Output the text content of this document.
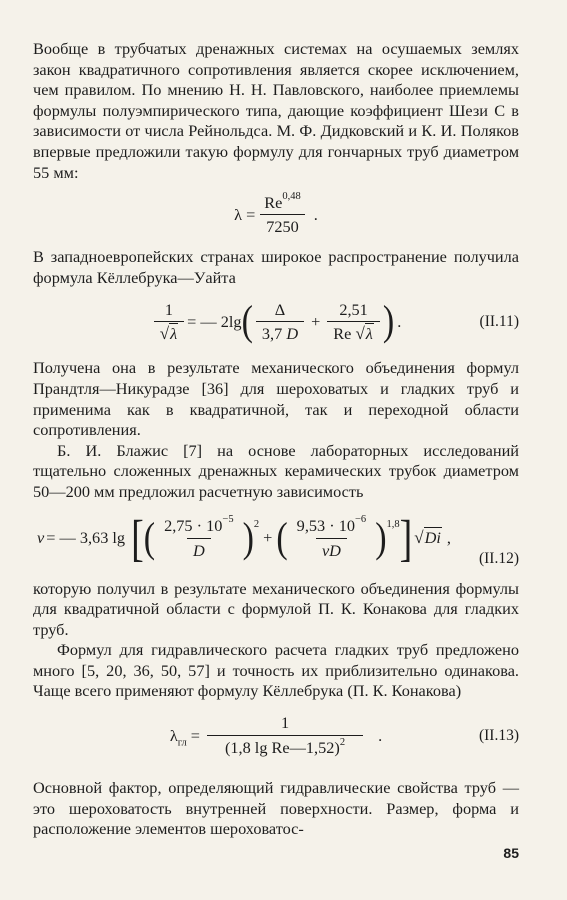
Вообще в трубчатых дренажных системах на осушаемых землях закон квадратичного сопротивления является скорее исключением, чем правилом. По мнению Н. Н. Павловского, наиболее приемлемы формулы полуэмпирического типа, дающие коэффициент Шези C в зависимости от числа Рейнольдса. М. Ф. Дидковский и К. И. Поляков впервые предложили такую формулу для гончарных труб диаметром 55 мм:

$\lambda = \frac{Re^{0,48}}{7250}$ .

В западноевропейских странах широкое распространение получила формула Кёллебрука—Уайта

$\frac{1}{√\lambda}$ = — 2lg ( $\frac{\Delta}{3,7 D} + \frac{2,51}{Re √\lambda}$ ) .	(II.11)

Получена она в результате механического объединения формул Прандтля—Никурадзе [36] для шероховатых и гладких труб и применима как в квадратичной, так и переходной области сопротивления.

Б. И. Блажис [7] на основе лабораторных исследований тщательно сложенных дренажных керамических трубок диаметром 50—200 мм предложил расчетную зависимость

v = — 3,63 lg [ ( $\frac{2,75 \cdot 10^{-5}}{D} )^2$
+ ( $\frac{9,53 \cdot 10^{-6}}{vD} )^{1,8}$ ] √Di ,
(II.12)

которую получил в результате механического объединения формулы для квадратичной области с формулой П. К. Конакова для гладких труб.

Формул для гидравлического расчета гладких труб предложено много [5, 20, 36, 50, 57] и точность их приблизительно одинакова. Чаще всего применяют формулу Кёллебрука (П. К. Конакова)

$\lambda_{гл} = \frac{1}{(1,8 \lg Re—1,52)^2}$ .	(II.13)

Основной фактор, определяющий гидравлические свойства труб — это шероховатость внутренней поверхности. Размер, форма и расположение элементов шероховатос-

85
